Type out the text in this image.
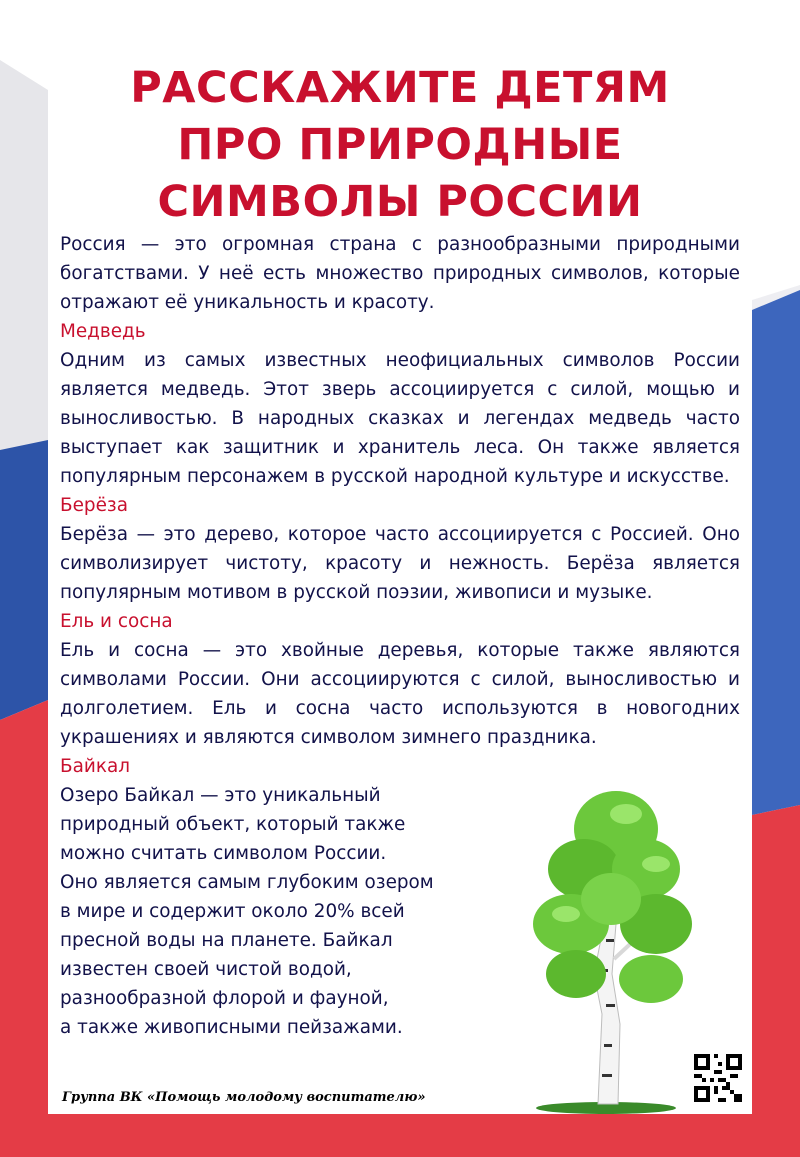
РАССКАЖИТЕ ДЕТЯМ
ПРО ПРИРОДНЫЕ
СИМВОЛЫ РОССИИ

Россия — это огромная страна с разнообразными природными богатствами. У неё есть множество природных символов, которые отражают её уникальность и красоту.

Медведь

Одним из самых известных неофициальных символов России является медведь. Этот зверь ассоциируется с силой, мощью и выносливостью. В народных сказках и легендах медведь часто выступает как защитник и хранитель леса. Он также является популярным персонажем в русской народной культуре и искусстве.

Берёза

Берёза — это дерево, которое часто ассоциируется с Россией. Оно символизирует чистоту, красоту и нежность. Берёза является популярным мотивом в русской поэзии, живописи и музыке.

Ель и сосна

Ель и сосна — это хвойные деревья, которые также являются символами России. Они ассоциируются с силой, выносливостью и долголетием. Ель и сосна часто используются в новогодних украшениях и являются символом зимнего праздника.

Байкал

Озеро Байкал — это уникальный
природный объект, который также
можно считать символом России.
Оно является самым глубоким озером
в мире и содержит около 20% всей
пресной воды на планете. Байкал
известен своей чистой водой,
разнообразной флорой и фауной,
а также живописными пейзажами.
Группа ВК «Помощь молодому воспитателю»
